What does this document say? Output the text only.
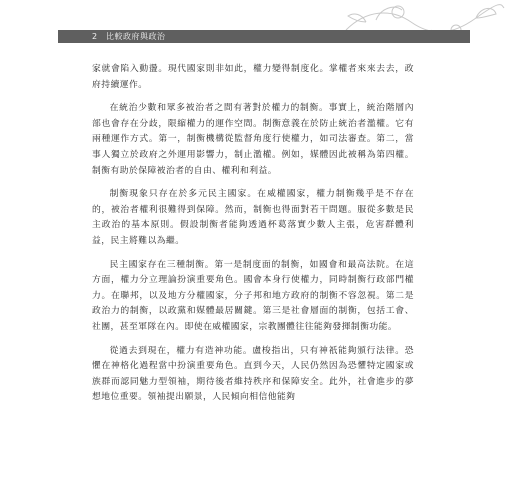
2	比較政府與政治

家就會陷入動盪。現代國家則非如此，權力變得制度化。掌權者來來去去，政府持續運作。

在統治少數和眾多被治者之間有著對於權力的制衡。事實上，統治階層內部也會存在分歧，限縮權力的運作空間。制衡意義在於防止統治者濫權。它有兩種運作方式。第一，制衡機構從監督角度行使權力，如司法審查。第二，當事人獨立於政府之外運用影響力，制止濫權。例如，媒體因此被稱為第四權。制衡有助於保障被治者的自由、權利和利益。

制衡現象只存在於多元民主國家。在威權國家，權力制衡幾乎是不存在的，被治者權利很難得到保障。然而，制衡也得面對若干問題。服從多數是民主政治的基本原則。假設制衡者能夠透過杯葛落實少數人主張，危害群體利益，民主將難以為繼。

民主國家存在三種制衡。第一是制度面的制衡，如國會和最高法院。在這方面，權力分立理論扮演重要角色。國會本身行使權力，同時制衡行政部門權力。在聯邦，以及地方分權國家，分子邦和地方政府的制衡不容忽視。第二是政治力的制衡，以政黨和媒體最居關鍵。第三是社會層面的制衡，包括工會、社團，甚至軍隊在內。即使在威權國家，宗教團體往往能夠發揮制衡功能。

從過去到現在，權力有造神功能。盧梭指出，只有神祇能夠頒行法律。恐懼在神格化過程當中扮演重要角色。直到今天，人民仍然因為恐懼特定國家或族群而認同魅力型領袖，期待後者維持秩序和保障安全。此外，社會進步的夢想地位重要。領袖提出願景，人民傾向相信他能夠
